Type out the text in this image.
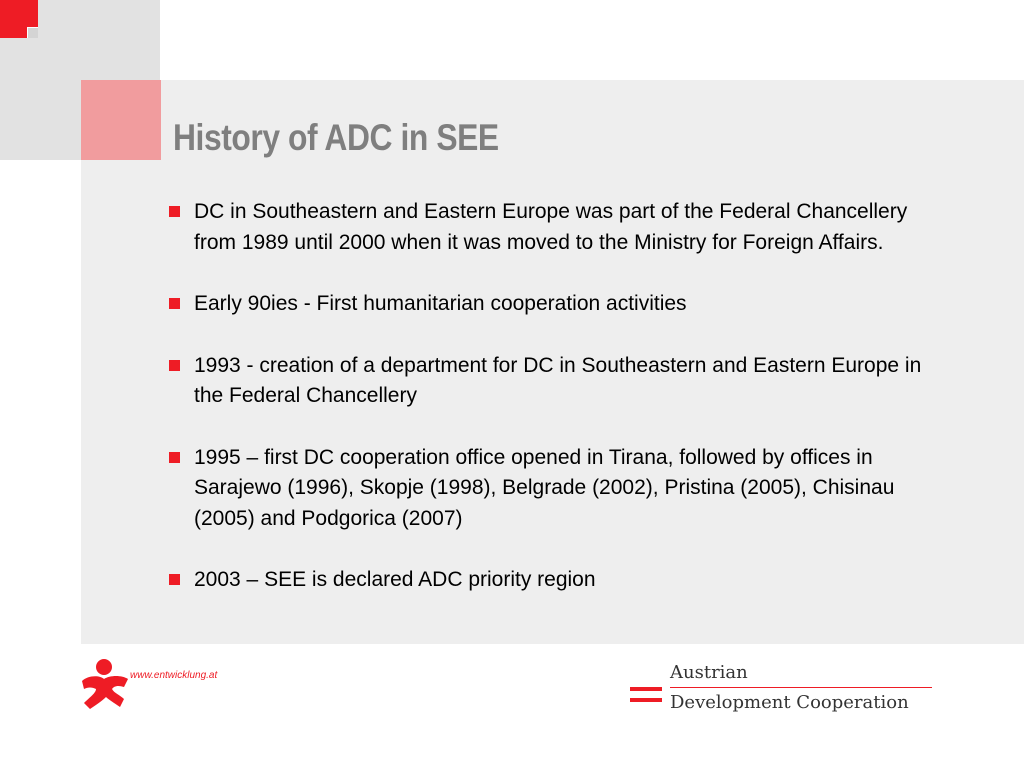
History of ADC in SEE
DC in Southeastern and Eastern Europe was part of the Federal Chancellery from 1989 until 2000 when it was moved to the Ministry for Foreign Affairs.
Early 90ies - First humanitarian cooperation activities
1993 - creation of a department for DC in Southeastern and Eastern Europe in the Federal Chancellery
1995 – first DC cooperation office opened in Tirana, followed by offices in Sarajewo (1996), Skopje (1998), Belgrade (2002), Pristina (2005), Chisinau (2005) and Podgorica (2007)
2003 – SEE is declared ADC priority region
www.entwicklung.at	Austrian
Development Cooperation
